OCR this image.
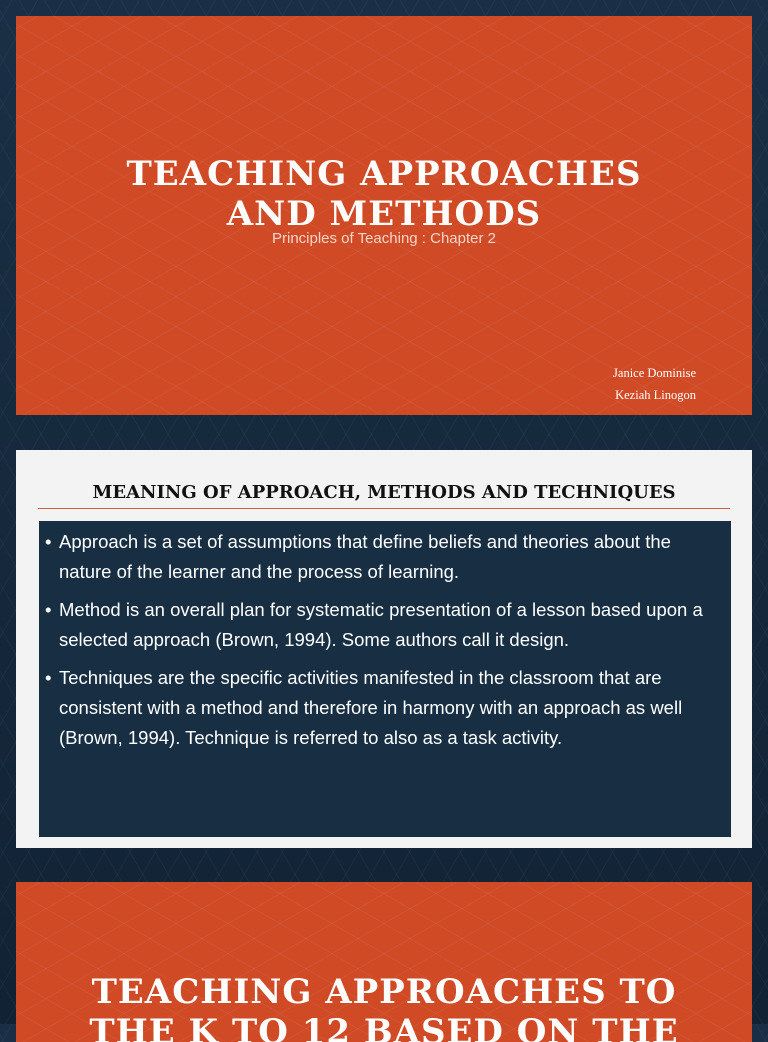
TEACHING APPROACHES
AND METHODS
Principles of Teaching : Chapter 2
Janice Dominise
Keziah Linogon
MEANING OF APPROACH, METHODS AND TECHNIQUES
• Approach is a set of assumptions that define beliefs and theories about the nature of the learner and the process of learning.
• Method is an overall plan for systematic presentation of a lesson based upon a selected approach (Brown, 1994). Some authors call it design.
• Techniques are the specific activities manifested in the classroom that are consistent with a method and therefore in harmony with an approach as well (Brown, 1994). Technique is referred to also as a task activity.
TEACHING APPROACHES TO
THE K TO 12 BASED ON THE
